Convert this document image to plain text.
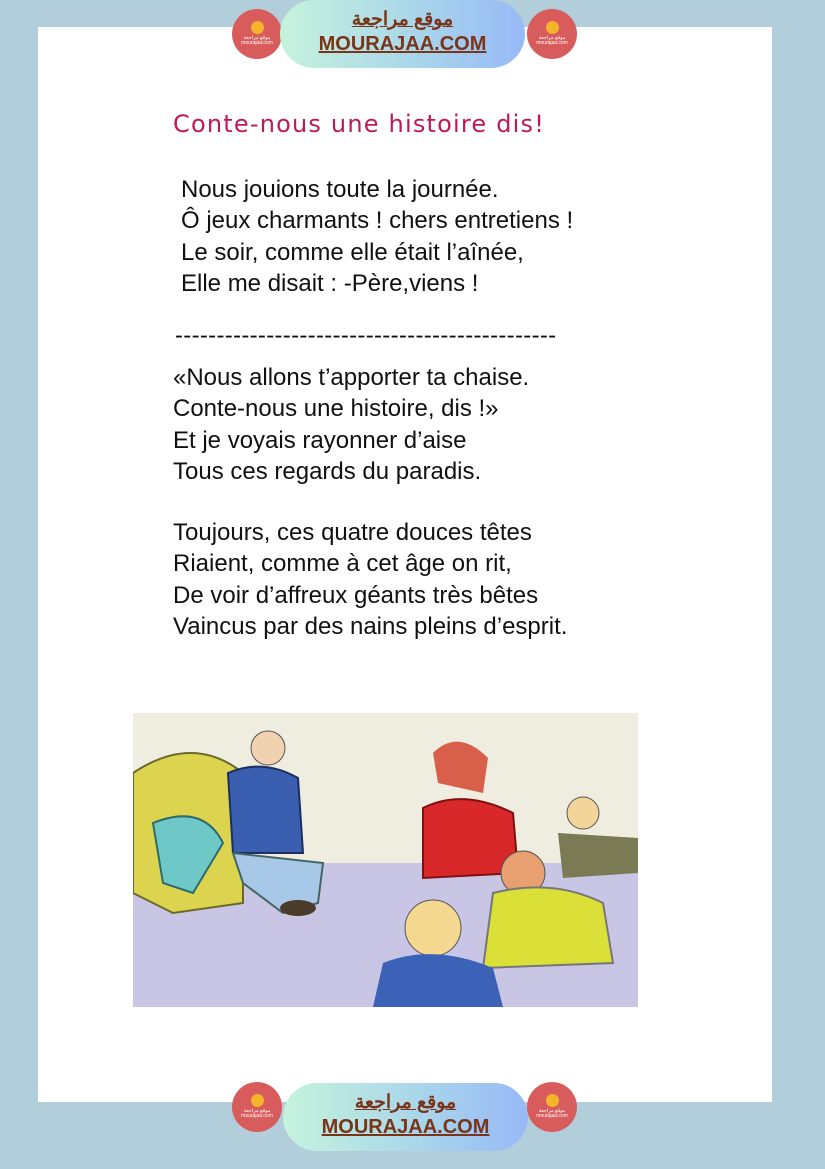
موقع مراجعة
mourajaa.com
موقع مراجعة
MOURAJAA.COM	موقع مراجعة
mourajaa.com
Conte-nous une histoire dis!
Nous jouions toute la journée.
Ô jeux charmants ! chers entretiens !
Le soir, comme elle était l’aînée,
Elle me disait : -Père,viens !
----------------------------------------------
«Nous allons t’apporter ta chaise.
Conte-nous une histoire, dis !»
Et je voyais rayonner d’aise
Tous ces regards du paradis.
Toujours, ces quatre douces têtes
Riaient, comme à cet âge on rit,
De voir d’affreux géants très bêtes
Vaincus par des nains pleins d’esprit.
موقع مراجعة
mourajaa.com
موقع مراجعة
MOURAJAA.COM
موقع مراجعة
mourajaa.com
